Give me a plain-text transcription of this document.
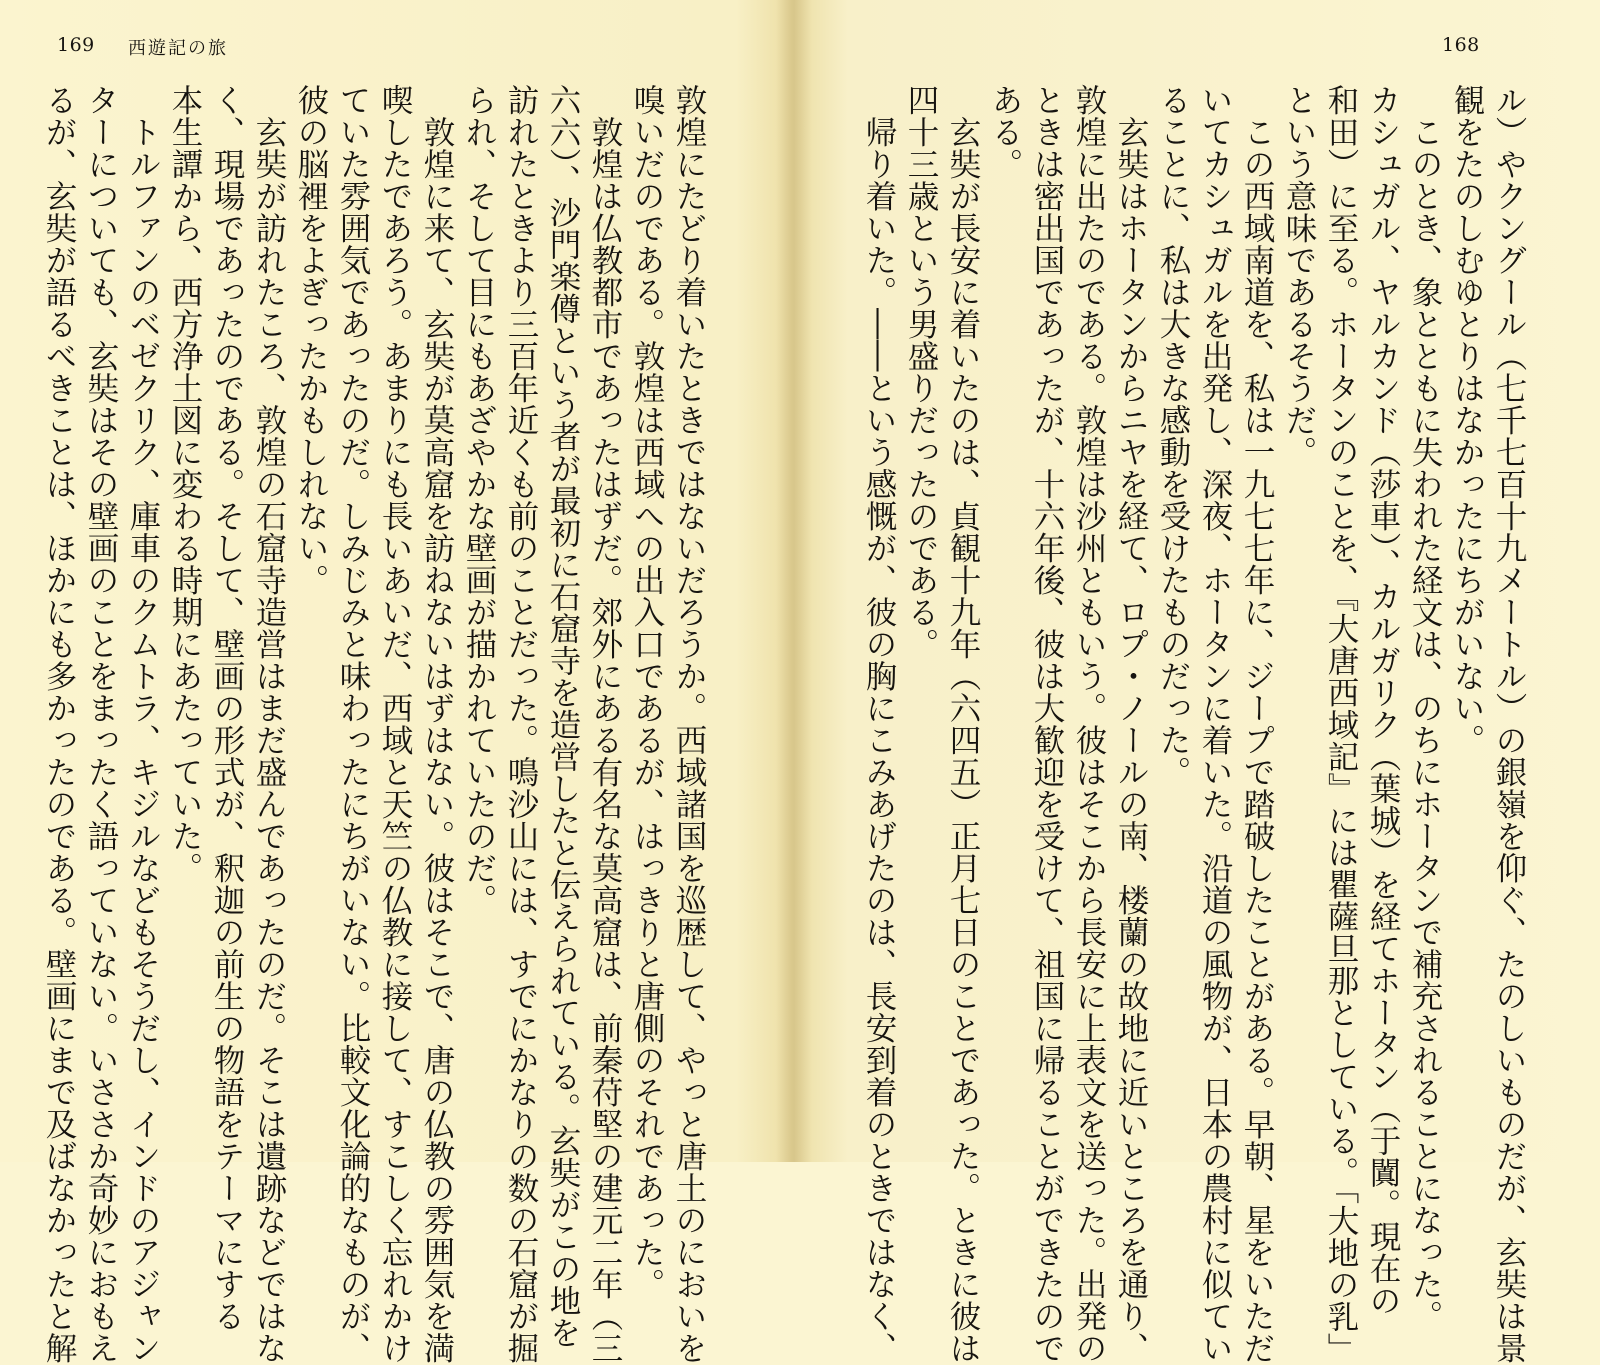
169 西遊記の旅
敦煌にたどり着いたときではないだろうか。西域諸国を巡歴して、やっと唐土のにおいを
嗅いだのである。敦煌は西域への出入口であるが、はっきりと唐側のそれであった。
　敦煌は仏教都市であったはずだ。郊外にある有名な莫高窟は、前秦苻堅の建元二年（三
六六）、沙門楽僔という者が最初に石窟寺を造営したと伝えられている。玄奘がこの地を
訪れたときより三百年近くも前のことだった。鳴沙山には、すでにかなりの数の石窟が掘
られ、そして目にもあざやかな壁画が描かれていたのだ。
　敦煌に来て、玄奘が莫高窟を訪ねないはずはない。彼はそこで、唐の仏教の雰囲気を満
喫したであろう。あまりにも長いあいだ、西域と天竺の仏教に接して、すこしく忘れかけ
ていた雰囲気であったのだ。しみじみと味わったにちがいない。比較文化論的なものが、
彼の脳裡をよぎったかもしれない。
　玄奘が訪れたころ、敦煌の石窟寺造営はまだ盛んであったのだ。そこは遺跡などではな
く、現場であったのである。そして、壁画の形式が、釈迦の前生の物語をテーマにする
本生譚から、西方浄土図に変わる時期にあたっていた。
　トルファンのベゼクリク、庫車のクムトラ、キジルなどもそうだし、インドのアジャン
ターについても、玄奘はその壁画のことをまったく語っていない。いささか奇妙におもえ
るが、玄奘が語るべきことは、ほかにも多かったのである。壁画にまで及ばなかったと解
168
ル）やクングール（七千七百十九メートル）の銀嶺を仰ぐ、たのしいものだが、玄奘は景
観をたのしむゆとりはなかったにちがいない。
　このとき、象とともに失われた経文は、のちにホータンで補充されることになった。
カシュガル、ヤルカンド（莎車）、カルガリク（葉城）を経てホータン（于闐。現在の
和田）に至る。ホータンのことを、『大唐西域記』には瞿薩旦那としている。「大地の乳」
という意味であるそうだ。
　この西域南道を、私は一九七七年に、ジープで踏破したことがある。早朝、星をいただ
いてカシュガルを出発し、深夜、ホータンに着いた。沿道の風物が、日本の農村に似てい
ることに、私は大きな感動を受けたものだった。
　玄奘はホータンからニヤを経て、ロプ・ノールの南、楼蘭の故地に近いところを通り、
敦煌に出たのである。敦煌は沙州ともいう。彼はそこから長安に上表文を送った。出発の
ときは密出国であったが、十六年後、彼は大歓迎を受けて、祖国に帰ることができたので
ある。
　玄奘が長安に着いたのは、貞観十九年（六四五）正月七日のことであった。ときに彼は
四十三歳という男盛りだったのである。
　帰り着いた。――という感慨が、彼の胸にこみあげたのは、長安到着のときではなく、
